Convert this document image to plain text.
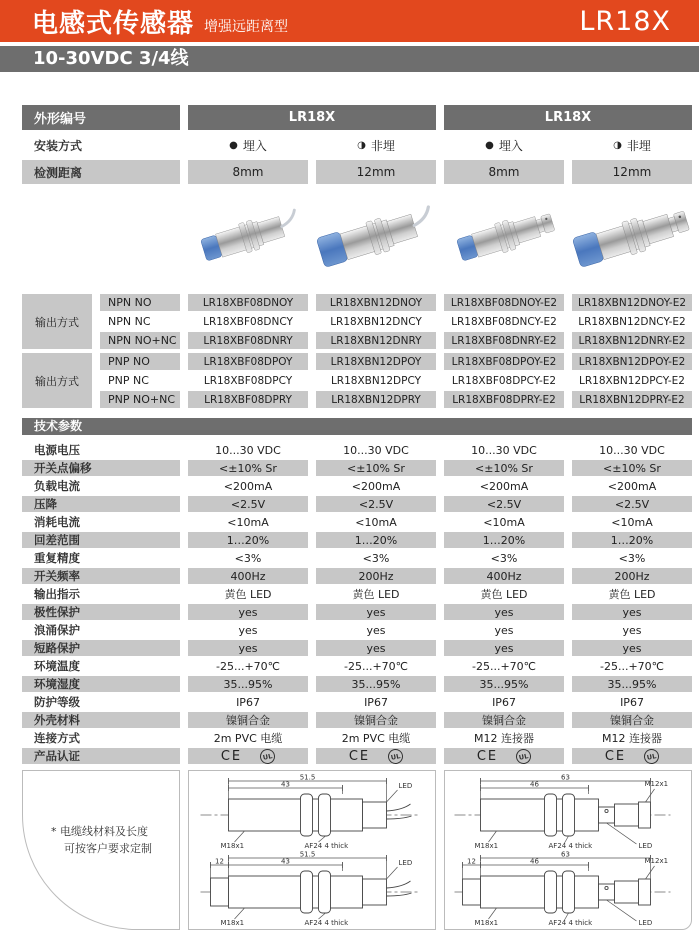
电感式传感器 增强远距离型	LR18X
10-30VDC 3/4线
外形编号	LR18X	LR18X
安装方式	● 埋入	◑ 非埋	● 埋入	◑ 非埋
检测距离	8mm	12mm	8mm	12mm
输出方式
NPN NO	LR18XBF08DNOY	LR18XBN12DNOY	LR18XBF08DNOY-E2	LR18XBN12DNOY-E2
NPN NC	LR18XBF08DNCY	LR18XBN12DNCY	LR18XBF08DNCY-E2	LR18XBN12DNCY-E2
NPN NO+NC	LR18XBF08DNRY	LR18XBN12DNRY	LR18XBF08DNRY-E2	LR18XBN12DNRY-E2
输出方式
PNP NO	LR18XBF08DPOY	LR18XBN12DPOY	LR18XBF08DPOY-E2	LR18XBN12DPOY-E2
PNP NC	LR18XBF08DPCY	LR18XBN12DPCY	LR18XBF08DPCY-E2	LR18XBN12DPCY-E2
PNP NO+NC	LR18XBF08DPRY	LR18XBN12DPRY	LR18XBF08DPRY-E2	LR18XBN12DPRY-E2
技术参数
电源电压	10...30 VDC	10...30 VDC	10...30 VDC	10...30 VDC
开关点偏移	<±10% Sr	<±10% Sr	<±10% Sr	<±10% Sr
负载电流	<200mA	<200mA	<200mA	<200mA
压降	<2.5V	<2.5V	<2.5V	<2.5V
消耗电流	<10mA	<10mA	<10mA	<10mA
回差范围	1…20%	1…20%	1…20%	1…20%
重复精度	<3%	<3%	<3%	<3%
开关频率	400Hz	200Hz	400Hz	200Hz
输出指示	黄色 LED	黄色 LED	黄色 LED	黄色 LED
极性保护	yes	yes	yes	yes
浪涌保护	yes	yes	yes	yes
短路保护	yes	yes	yes	yes
环境温度	-25...+70℃	-25...+70℃	-25...+70℃	-25...+70℃
环境湿度	35...95%	35...95%	35...95%	35...95%
防护等级	IP67	IP67	IP67	IP67
外壳材料	镍铜合金	镍铜合金	镍铜合金	镍铜合金
连接方式	2m PVC 电缆	2m PVC 电缆	M12 连接器	M12 连接器
产品认证	CE	UL	CE	UL	CE	UL	CE	UL
* 电缆线材料及长度
可按客户要求定制
51.5
43	LED
M18x1	AF24 4 thick
51.5
43
12	LED
M18x1	AF24 4 thick
63
46	M12x1
M18x1	AF24 4 thick	LED
63
46
12	M12x1
M18x1	AF24 4 thick	LED
